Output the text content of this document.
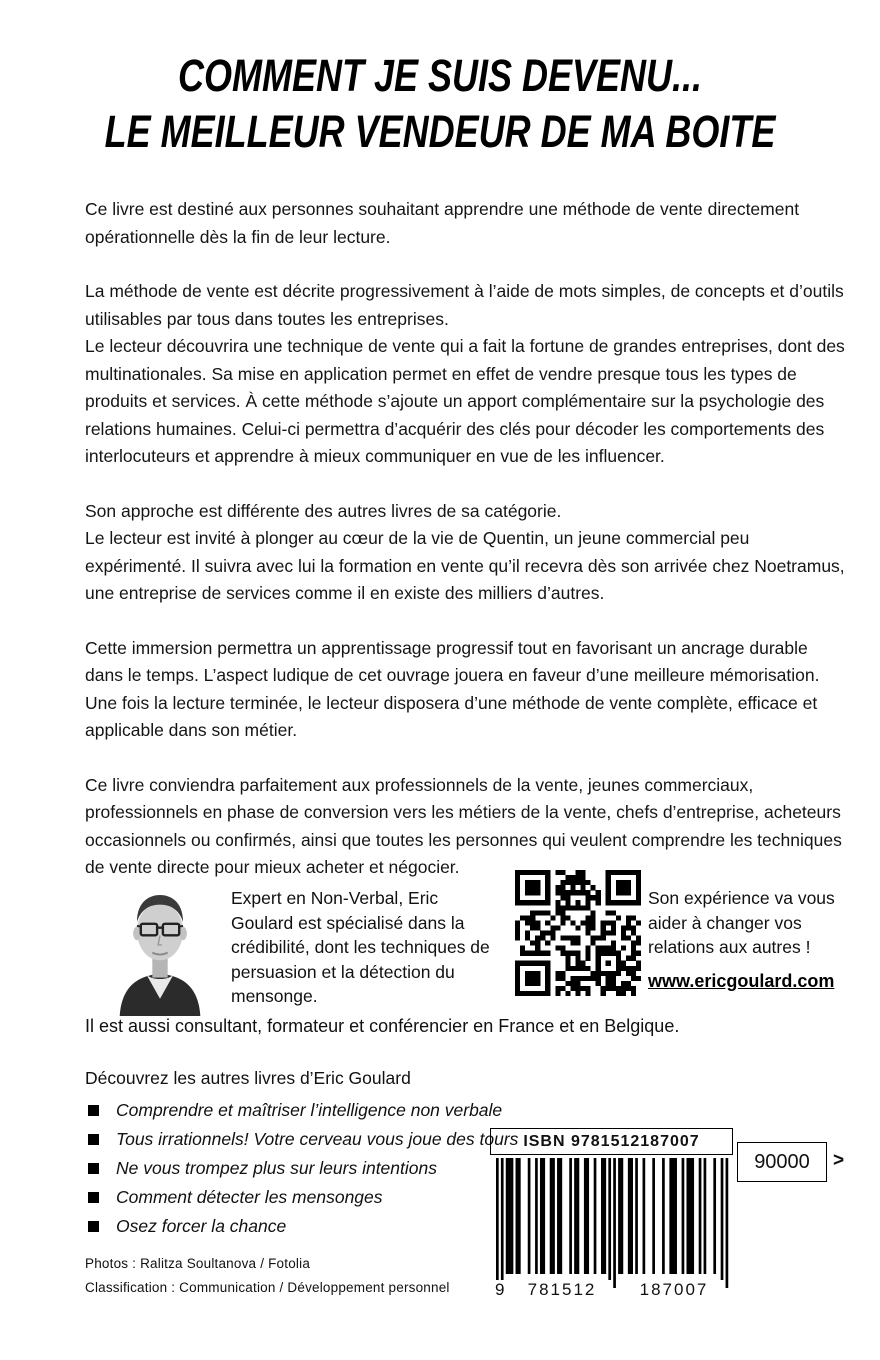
COMMENT JE SUIS DEVENU...
LE MEILLEUR VENDEUR DE MA BOITE

Ce livre est destiné aux personnes souhaitant apprendre une méthode de vente directement opérationnelle dès la fin de leur lecture.

La méthode de vente est décrite progressivement à l’aide de mots simples, de concepts et d’outils utilisables par tous dans toutes les entreprises.

Le lecteur découvrira une technique de vente qui a fait la fortune de grandes entreprises, dont des multinationales. Sa mise en application permet en effet de vendre presque tous les types de produits et services. À cette méthode s’ajoute un apport complémentaire sur la psychologie des relations humaines. Celui-ci permettra d’acquérir des clés pour décoder les comportements des interlocuteurs et apprendre à mieux communiquer en vue de les influencer.

Son approche est différente des autres livres de sa catégorie.

Le lecteur est invité à plonger au cœur de la vie de Quentin, un jeune commercial peu expérimenté. Il suivra avec lui la formation en vente qu’il recevra dès son arrivée chez Noetramus, une entreprise de services comme il en existe des milliers d’autres.

Cette immersion permettra un apprentissage progressif tout en favorisant un ancrage durable dans le temps. L’aspect ludique de cet ouvrage jouera en faveur d’une meilleure mémorisation. Une fois la lecture terminée, le lecteur disposera d’une méthode de vente complète, efficace et applicable dans son métier.

Ce livre conviendra parfaitement aux professionnels de la vente, jeunes commerciaux, professionnels en phase de conversion vers les métiers de la vente, chefs d’entreprise, acheteurs occasionnels ou confirmés, ainsi que toutes les personnes qui veulent comprendre les techniques de vente directe pour mieux acheter et négocier.

Expert en Non-Verbal, Eric Goulard est spécialisé dans la crédibilité, dont les techniques de persuasion et la détection du mensonge.
Son expérience va vous aider à changer vos relations aux autres !
www.ericgoulard.com
Il est aussi consultant, formateur et conférencier en France et en Belgique.
Découvrez les autres livres d’Eric Goulard
Comprendre et maîtriser l’intelligence non verbale
Tous irrationnels! Votre cerveau vous joue des tours
Ne vous trompez plus sur leurs intentions
Comment détecter les mensonges
Osez forcer la chance
Photos : Ralitza Soultanova / Fotolia
Classification : Communication / Développement personnel
ISBN 9781512187007
90000	>
9	781512	187007
